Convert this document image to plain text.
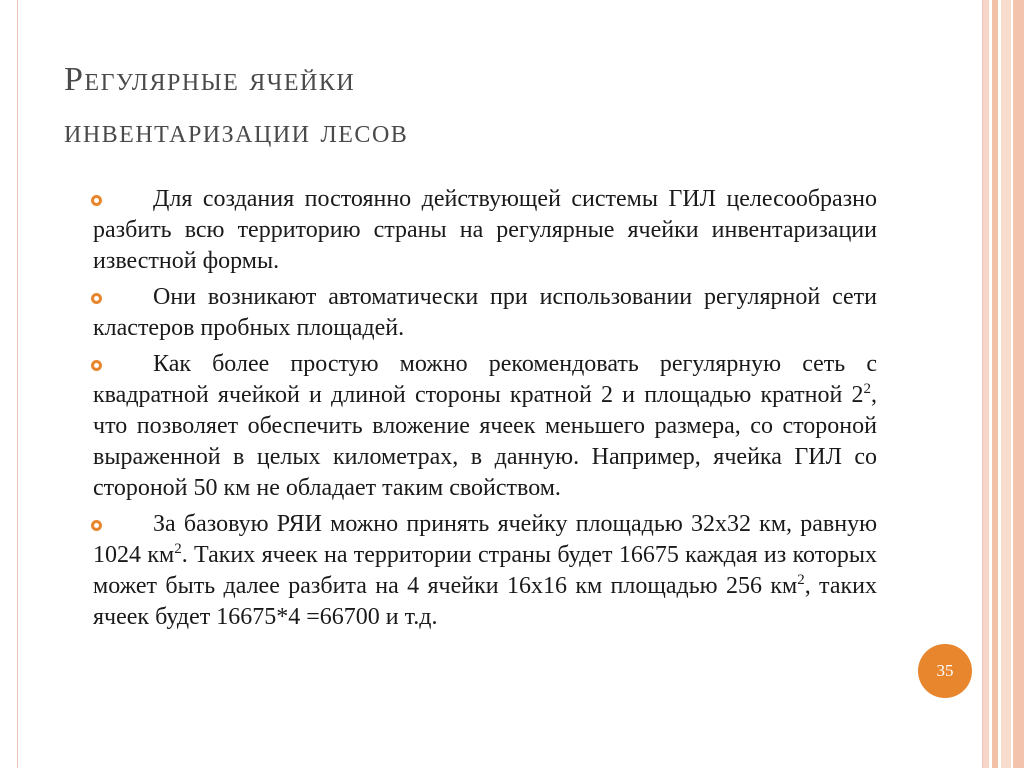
Регулярные ячейки
инвентаризации лесов
Для создания постоянно действующей системы ГИЛ целесообразно разбить всю территорию страны на регулярные ячейки инвентаризации известной формы.
Они возникают автоматически при использовании регулярной сети кластеров пробных площадей.
Как более простую можно рекомендовать регулярную сеть с квадратной ячейкой и длиной стороны кратной 2 и площадью кратной $2^2$, что позволяет обеспечить вложение ячеек меньшего размера, со стороной выраженной в целых километрах, в данную. Например, ячейка ГИЛ со стороной 50 км не обладает таким свойством.
За базовую РЯИ можно принять ячейку площадью 32x32 км, равную 1024 $км^2$. Таких ячеек на территории страны будет 16675 каждая из которых может быть далее разбита на 4 ячейки 16x16 км площадью 256 $км^2$, таких ячеек будет 16675*4 =66700 и т.д.
35
